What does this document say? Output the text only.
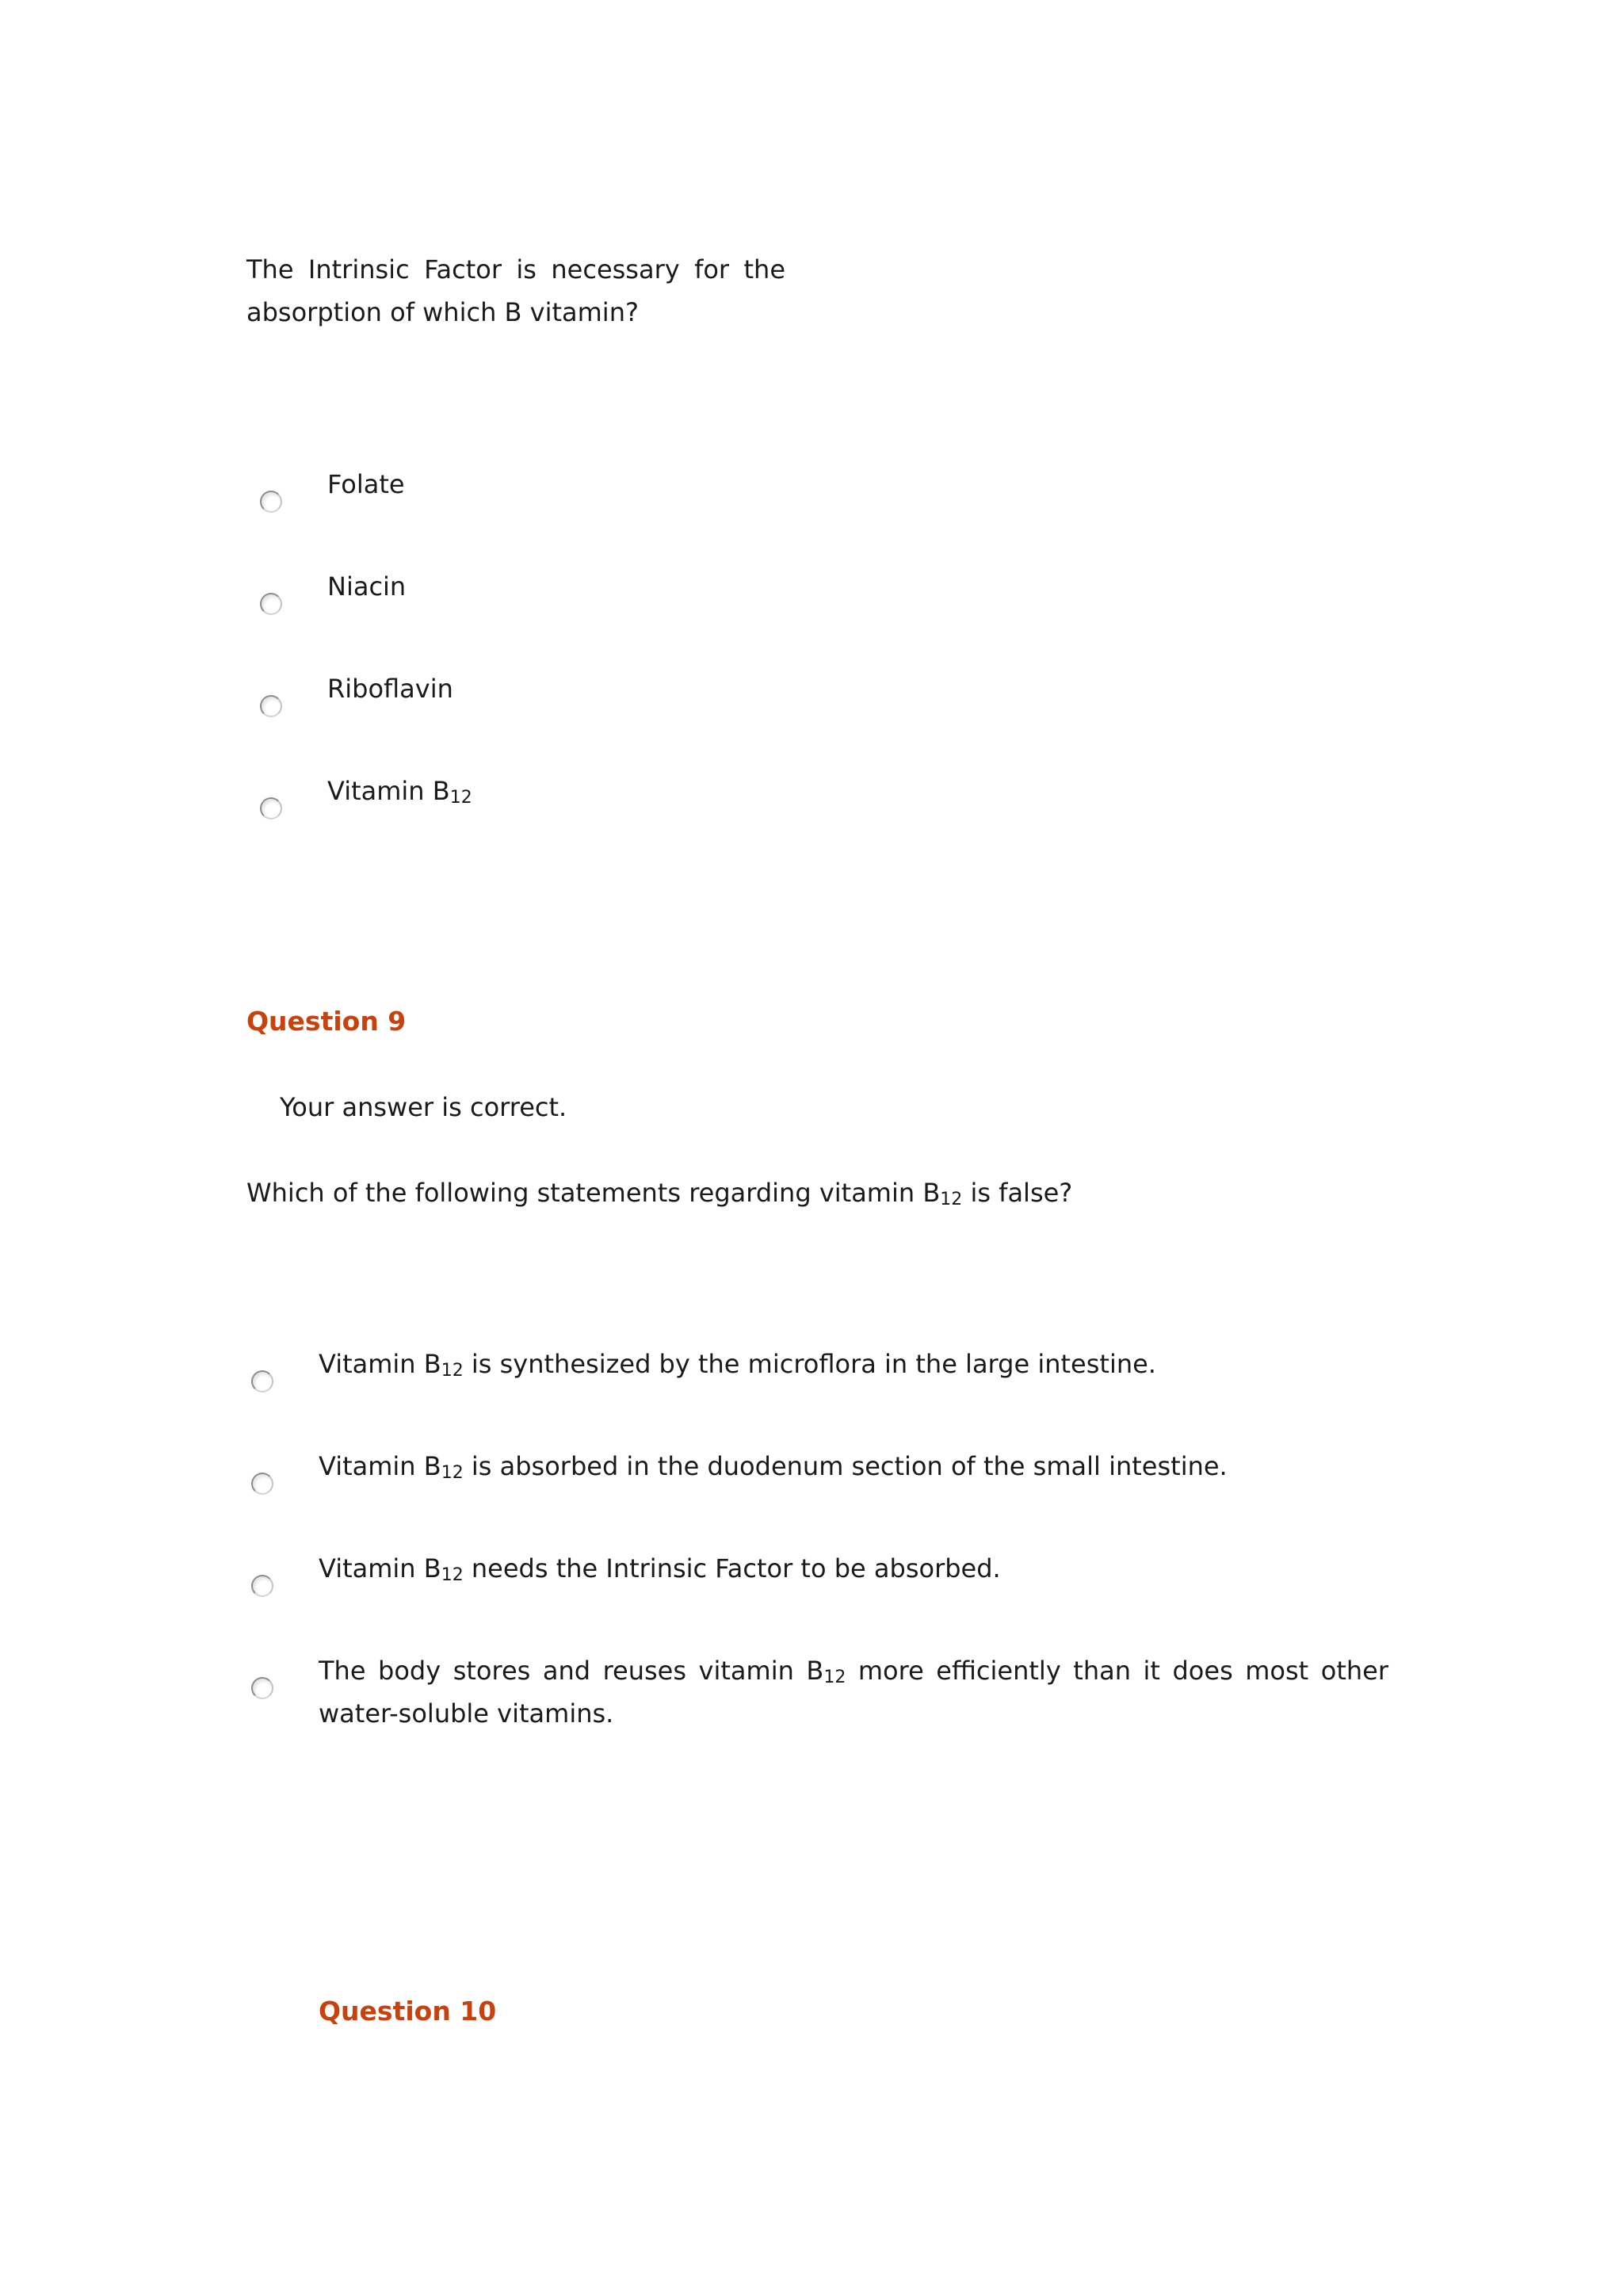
The Intrinsic Factor is necessary for the absorption of which B vitamin?
Folate
Niacin
Riboflavin
Vitamin $B_{12}$
Question 9
Your answer is correct.
Which of the following statements regarding vitamin $B_{12}$ is false?
Vitamin $B_{12}$ is synthesized by the microflora in the large intestine.
Vitamin $B_{12}$ is absorbed in the duodenum section of the small intestine.
Vitamin $B_{12}$ needs the Intrinsic Factor to be absorbed.
The body stores and reuses vitamin $B_{12}$ more efficiently than it does most other water-soluble vitamins.
Question 10
